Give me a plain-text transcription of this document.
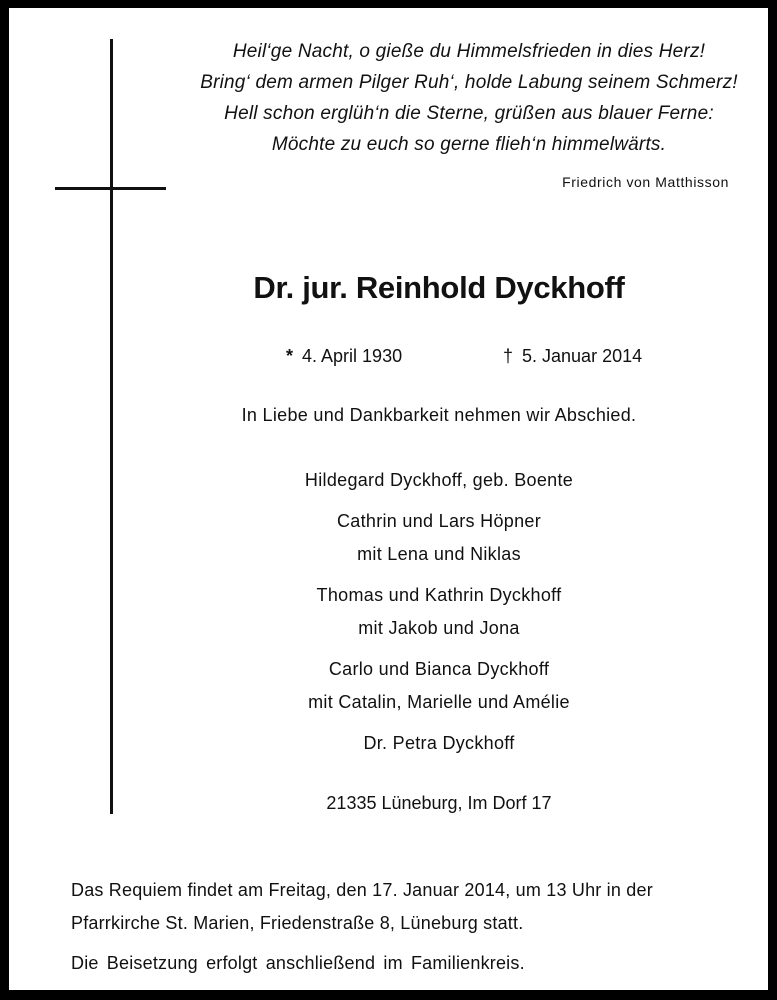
Heil‘ge Nacht, o gieße du Himmelsfrieden in dies Herz!
Bring‘ dem armen Pilger Ruh‘, holde Labung seinem Schmerz!
Hell schon erglüh‘n die Sterne, grüßen aus blauer Ferne:
Möchte zu euch so gerne flieh‘n himmelwärts.
Friedrich von Matthisson
Dr. jur. Reinhold Dyckhoff
* 4. April 1930	† 5. Januar 2014
In Liebe und Dankbarkeit nehmen wir Abschied.
Hildegard Dyckhoff, geb. Boente
Cathrin und Lars Höpner
mit Lena und Niklas
Thomas und Kathrin Dyckhoff
mit Jakob und Jona
Carlo und Bianca Dyckhoff
mit Catalin, Marielle und Amélie
Dr. Petra Dyckhoff
21335 Lüneburg, Im Dorf 17
Das Requiem findet am Freitag, den 17. Januar 2014, um 13 Uhr in der
Pfarrkirche St. Marien, Friedenstraße 8, Lüneburg statt.
Die Beisetzung erfolgt anschließend im Familienkreis.
